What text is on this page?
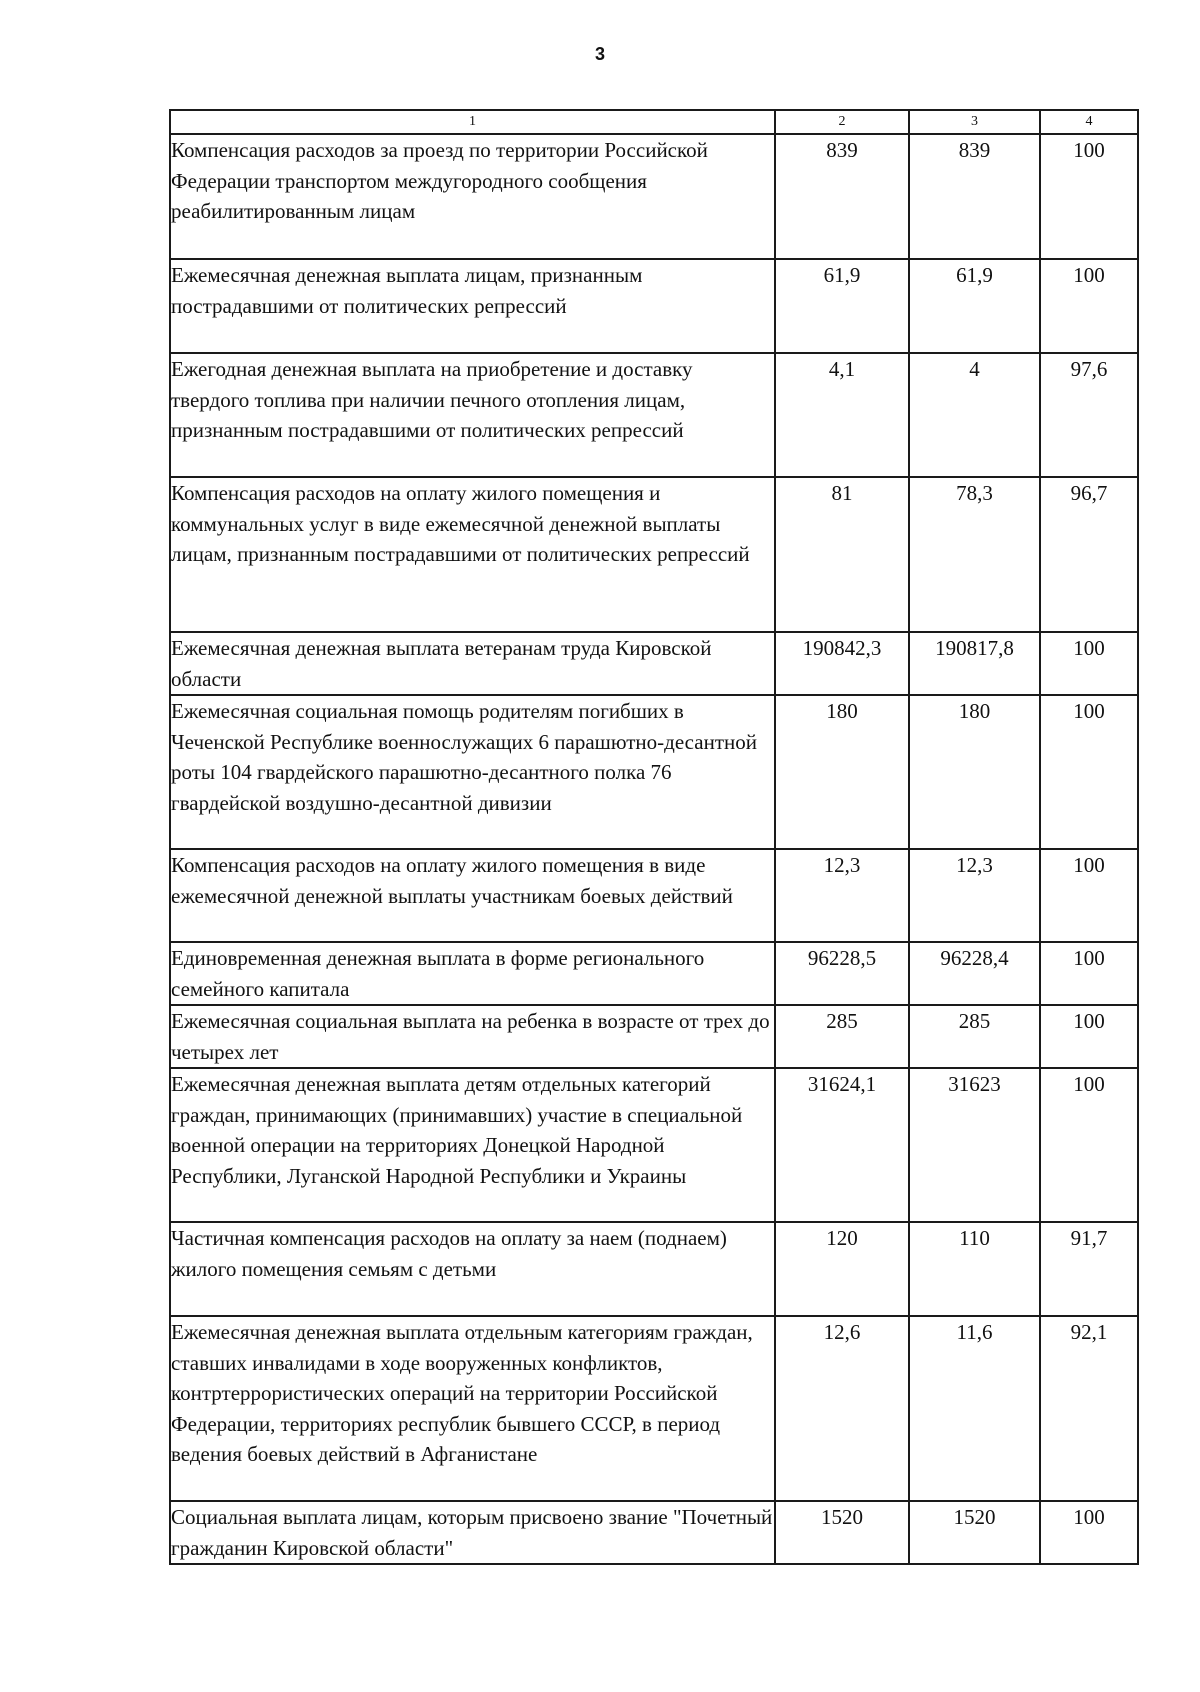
3
1	2	3	4
Компенсация расходов за проезд по территории Российской Федерации транспортом междугородного сообщения реабилитированным лицам	839	839	100
Ежемесячная денежная выплата лицам, признанным пострадавшими от политических репрессий	61,9	61,9	100
Ежегодная денежная выплата на приобретение и доставку твердого топлива при наличии печного отопления лицам, признанным пострадавшими от политических репрессий	4,1	4	97,6
Компенсация расходов на оплату жилого помещения и коммунальных услуг в виде ежемесячной денежной выплаты лицам, признанным пострадавшими от политических репрессий	81	78,3	96,7
Ежемесячная денежная выплата ветеранам труда Кировской области	190842,3	190817,8	100
Ежемесячная социальная помощь родителям погибших в Чеченской Республике военнослужащих 6 парашютно-десантной роты 104 гвардейского парашютно-десантного полка 76 гвардейской воздушно-десантной дивизии	180	180	100
Компенсация расходов на оплату жилого помещения в виде ежемесячной денежной выплаты участникам боевых действий	12,3	12,3	100
Единовременная денежная выплата в форме регионального семейного капитала	96228,5	96228,4	100
Ежемесячная социальная выплата на ребенка в возрасте от трех до четырех лет	285	285	100
Ежемесячная денежная выплата детям отдельных категорий граждан, принимающих (принимавших) участие в специальной военной операции на территориях Донецкой Народной Республики, Луганской Народной Республики и Украины	31624,1	31623	100
Частичная компенсация расходов на оплату за наем (поднаем) жилого помещения семьям с детьми	120	110	91,7
Ежемесячная денежная выплата отдельным категориям граждан, ставших инвалидами в ходе вооруженных конфликтов, контртеррористических операций на территории Российской Федерации, территориях республик бывшего СССР, в период ведения боевых действий в Афганистане	12,6	11,6	92,1
Социальная выплата лицам, которым присвоено звание "Почетный гражданин Кировской области"	1520	1520	100
